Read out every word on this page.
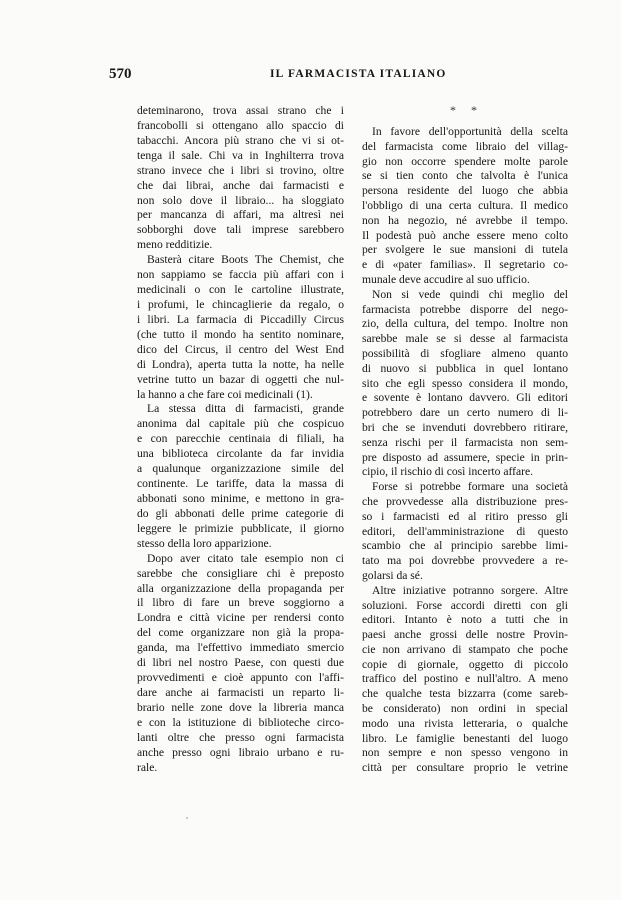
570	IL FARMACISTA ITALIANO
* *
deteminarono, trova assai strano che i
francobolli si ottengano allo spaccio di
tabacchi. Ancora più strano che vi si ot-
tenga il sale. Chi va in Inghilterra trova
strano invece che i libri si trovino, oltre
che dai librai, anche dai farmacisti e
non solo dove il libraio... ha sloggiato
per mancanza di affari, ma altresì nei
sobborghi dove tali imprese sarebbero
meno redditizie.
Basterà citare Boots The Chemist, che
non sappiamo se faccia più affari con i
medicinali o con le cartoline illustrate,
i profumi, le chincaglierie da regalo, o
i libri. La farmacia di Piccadilly Circus
(che tutto il mondo ha sentito nominare,
dico del Circus, il centro del West End
di Londra), aperta tutta la notte, ha nelle
vetrine tutto un bazar di oggetti che nul-
la hanno a che fare coi medicinali (1).
La stessa ditta di farmacisti, grande
anonima dal capitale più che cospicuo
e con parecchie centinaia di filiali, ha
una biblioteca circolante da far invidia
a qualunque organizzazione simile del
continente. Le tariffe, data la massa di
abbonati sono minime, e mettono in gra-
do gli abbonati delle prime categorie di
leggere le primizie pubblicate, il giorno
stesso della loro apparizione.
Dopo aver citato tale esempio non ci
sarebbe che consigliare chi è preposto
alla organizzazione della propaganda per
il libro di fare un breve soggiorno a
Londra e città vicine per rendersi conto
del come organizzare non già la propa-
ganda, ma l'effettivo immediato smercio
di libri nel nostro Paese, con questi due
provvedimenti e cioè appunto con l'affi-
dare anche ai farmacisti un reparto li-
brario nelle zone dove la libreria manca
e con la istituzione di biblioteche circo-
lanti oltre che presso ogni farmacista
anche presso ogni libraio urbano e ru-
rale.
In favore dell'opportunità della scelta
del farmacista come libraio del villag-
gio non occorre spendere molte parole
se si tien conto che talvolta è l'unica
persona residente del luogo che abbia
l'obbligo di una certa cultura. Il medico
non ha negozio, né avrebbe il tempo.
Il podestà può anche essere meno colto
per svolgere le sue mansioni di tutela
e di «pater familias». Il segretario co-
munale deve accudire al suo ufficio.
Non si vede quindi chi meglio del
farmacista potrebbe disporre del nego-
zio, della cultura, del tempo. Inoltre non
sarebbe male se si desse al farmacista
possibilità di sfogliare almeno quanto
di nuovo si pubblica in quel lontano
sito che egli spesso considera il mondo,
e sovente è lontano davvero. Gli editori
potrebbero dare un certo numero di li-
bri che se invenduti dovrebbero ritirare,
senza rischi per il farmacista non sem-
pre disposto ad assumere, specie in prin-
cipio, il rischio di così incerto affare.
Forse si potrebbe formare una società
che provvedesse alla distribuzione pres-
so i farmacisti ed al ritiro presso gli
editori, dell'amministrazione di questo
scambio che al principio sarebbe limi-
tato ma poi dovrebbe provvedere a re-
golarsi da sé.
Altre iniziative potranno sorgere. Altre
soluzioni. Forse accordi diretti con gli
editori. Intanto è noto a tutti che in
paesi anche grossi delle nostre Provin-
cie non arrivano di stampato che poche
copie di giornale, oggetto di piccolo
traffico del postino e null'altro. A meno
che qualche testa bizzarra (come sareb-
be considerato) non ordini in special
modo una rivista letteraria, o qualche
libro. Le famiglie benestanti del luogo
non sempre e non spesso vengono in
città per consultare proprio le vetrine
